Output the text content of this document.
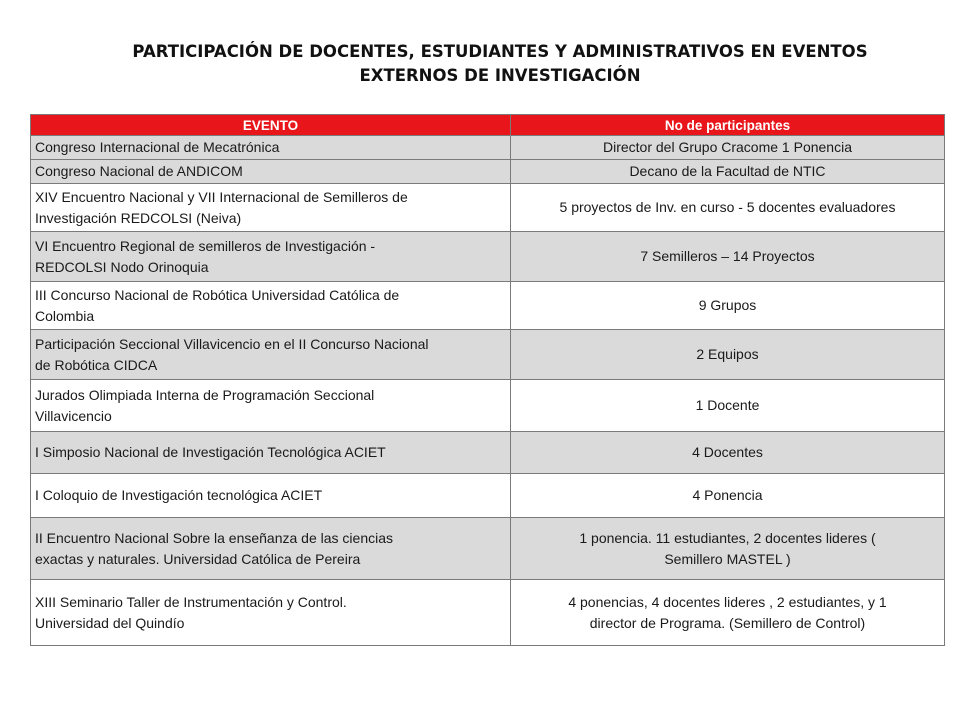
PARTICIPACIÓN DE DOCENTES, ESTUDIANTES Y ADMINISTRATIVOS EN EVENTOS
EXTERNOS DE INVESTIGACIÓN
EVENTO	No de participantes
Congreso Internacional de Mecatrónica	Director del Grupo Cracome 1 Ponencia
Congreso Nacional de ANDICOM	Decano de la Facultad de NTIC
XIV Encuentro Nacional y VII Internacional de Semilleros de
Investigación REDCOLSI (Neiva)	5 proyectos de Inv. en curso - 5 docentes evaluadores
VI Encuentro Regional de semilleros de Investigación -
REDCOLSI Nodo Orinoquia	7 Semilleros – 14 Proyectos
III Concurso Nacional de Robótica Universidad Católica de
Colombia	9 Grupos
Participación Seccional Villavicencio en el II Concurso Nacional
de Robótica CIDCA	2 Equipos
Jurados Olimpiada Interna de Programación Seccional
Villavicencio	1 Docente
I Simposio Nacional de Investigación Tecnológica ACIET	4 Docentes
I Coloquio de Investigación tecnológica ACIET	4 Ponencia
II Encuentro Nacional Sobre la enseñanza de las ciencias
exactas y naturales. Universidad Católica de Pereira	1 ponencia. 11 estudiantes, 2 docentes lideres (
Semillero MASTEL )
XIII Seminario Taller de Instrumentación y Control.
Universidad del Quindío	4 ponencias, 4 docentes lideres , 2 estudiantes, y 1
director de Programa. (Semillero de Control)
